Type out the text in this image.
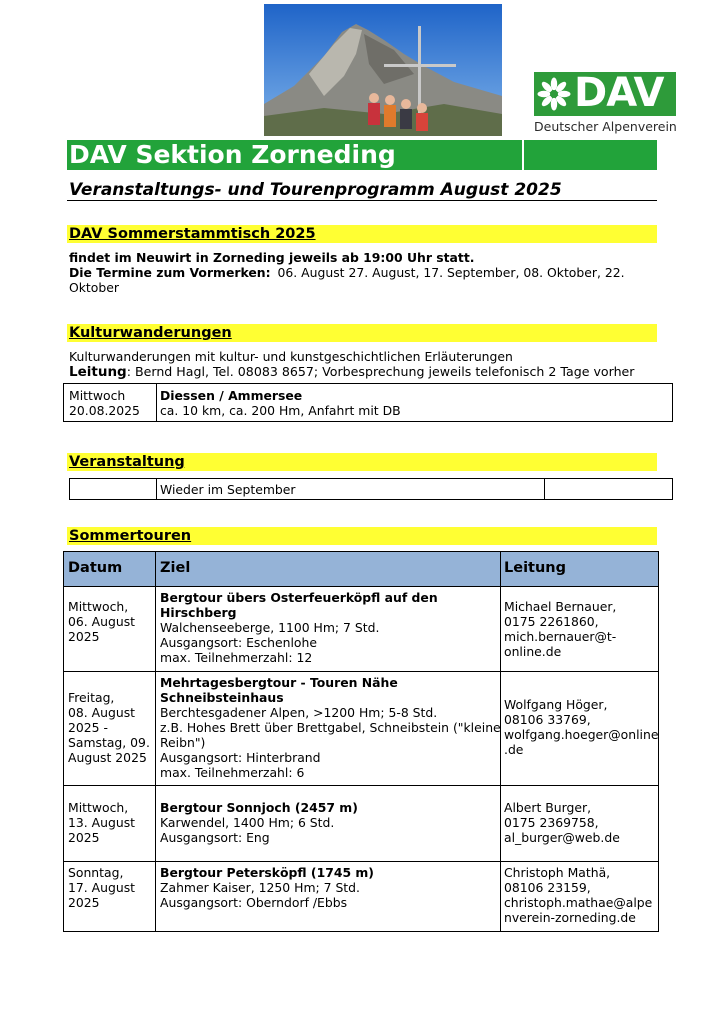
DAV
Deutscher Alpenverein
DAV Sektion Zorneding
Veranstaltungs- und Tourenprogramm August 2025
DAV Sommerstammtisch 2025
findet im Neuwirt in Zorneding jeweils ab 19:00 Uhr statt.
Die Termine zum Vormerken: 06. August 27. August, 17. September, 08. Oktober, 22.
Oktober
Kulturwanderungen
Kulturwanderungen mit kultur- und kunstgeschichtlichen Erläuterungen
Leitung: Bernd Hagl, Tel. 08083 8657; Vorbesprechung jeweils telefonisch 2 Tage vorher
Mittwoch
20.08.2025
Diessen / Ammersee
ca. 10 km, ca. 200 Hm, Anfahrt mit DB
Veranstaltung
Wieder im September
Sommertouren
Datum	Ziel	Leitung
Mittwoch,
06. August
2025
Bergtour übers Osterfeuerköpfl auf den
Hirschberg
Walchenseeberge, 1100 Hm; 7 Std.
Ausgangsort: Eschenlohe
max. Teilnehmerzahl: 12
Michael Bernauer,
0175 2261860,
mich.bernauer@t-
online.de
Freitag,
08. August
2025 -
Samstag, 09.
August 2025
Mehrtagesbergtour - Touren Nähe
Schneibsteinhaus
Berchtesgadener Alpen, >1200 Hm; 5-8 Std.
z.B. Hohes Brett über Brettgabel, Schneibstein ("kleine
Reibn")
Ausgangsort: Hinterbrand
max. Teilnehmerzahl: 6
Wolfgang Höger,
08106 33769,
wolfgang.hoeger@online
.de
Mittwoch,
13. August
2025
Bergtour Sonnjoch (2457 m)
Karwendel, 1400 Hm; 6 Std.
Ausgangsort: Eng
Albert Burger,
0175 2369758,
al_burger@web.de
Sonntag,
17. August
2025
Bergtour Peterskӧpfl (1745 m)
Zahmer Kaiser, 1250 Hm; 7 Std.
Ausgangsort: Oberndorf /Ebbs
Christoph Mathä,
08106 23159,
christoph.mathae@alpe
nverein-zorneding.de
